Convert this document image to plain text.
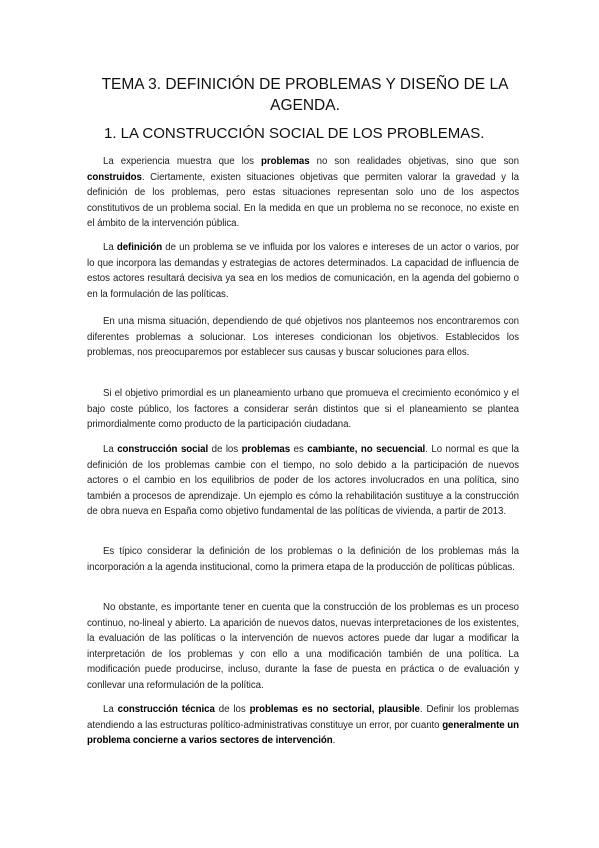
TEMA 3. DEFINICIÓN DE PROBLEMAS Y DISEÑO DE LA
AGENDA.
1. LA CONSTRUCCIÓN SOCIAL DE LOS PROBLEMAS.
La experiencia muestra que los problemas no son realidades objetivas, sino que son construidos. Ciertamente, existen situaciones objetivas que permiten valorar la gravedad y la definición de los problemas, pero estas situaciones representan solo uno de los aspectos constitutivos de un problema social. En la medida en que un problema no se reconoce, no existe en el ámbito de la intervención pública.
La definición de un problema se ve influida por los valores e intereses de un actor o varios, por lo que incorpora las demandas y estrategias de actores determinados. La capacidad de influencia de estos actores resultará decisiva ya sea en los medios de comunicación, en la agenda del gobierno o en la formulación de las políticas.
En una misma situación, dependiendo de qué objetivos nos planteemos nos encontraremos con diferentes problemas a solucionar. Los intereses condicionan los objetivos. Establecidos los problemas, nos preocuparemos por establecer sus causas y buscar soluciones para ellos.
Si el objetivo primordial es un planeamiento urbano que promueva el crecimiento económico y el bajo coste público, los factores a considerar serán distintos que si el planeamiento se plantea primordialmente como producto de la participación ciudadana.
La construcción social de los problemas es cambiante, no secuencial. Lo normal es que la definición de los problemas cambie con el tiempo, no solo debido a la participación de nuevos actores o el cambio en los equilibrios de poder de los actores involucrados en una política, sino también a procesos de aprendizaje. Un ejemplo es cómo la rehabilitación sustituye a la construcción de obra nueva en España como objetivo fundamental de las políticas de vivienda, a partir de 2013.
Es típico considerar la definición de los problemas o la definición de los problemas más la incorporación a la agenda institucional, como la primera etapa de la producción de políticas públicas.
No obstante, es importante tener en cuenta que la construcción de los problemas es un proceso continuo, no-lineal y abierto. La aparición de nuevos datos, nuevas interpretaciones de los existentes, la evaluación de las políticas o la intervención de nuevos actores puede dar lugar a modificar la interpretación de los problemas y con ello a una modificación también de una política. La modificación puede producirse, incluso, durante la fase de puesta en práctica o de evaluación y conllevar una reformulación de la política.
La construcción técnica de los problemas es no sectorial, plausible. Definir los problemas atendiendo a las estructuras político-administrativas constituye un error, por cuanto generalmente un problema concierne a varios sectores de intervención.
